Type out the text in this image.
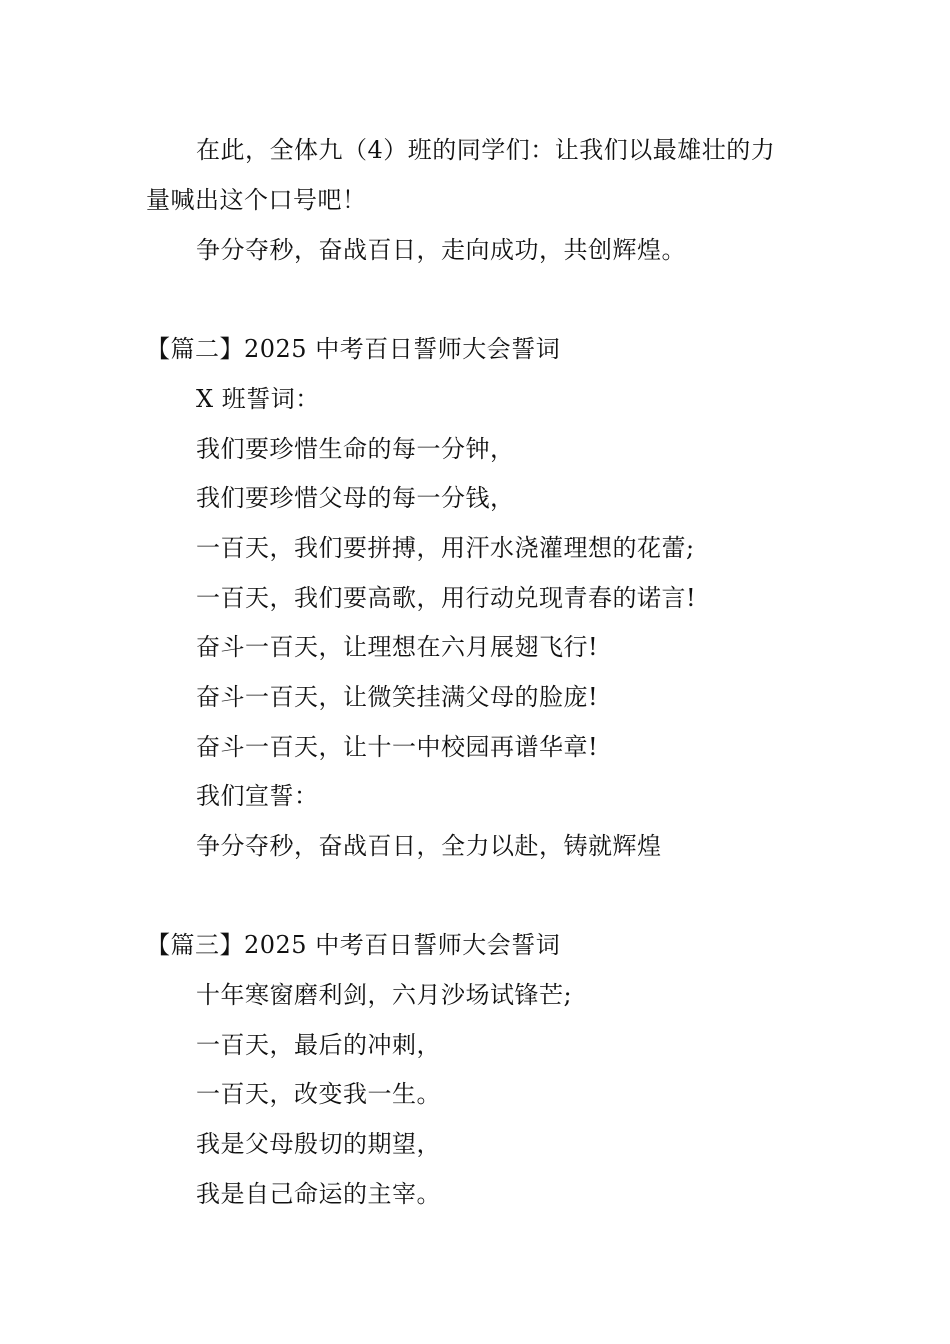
在此，全体九（4）班的同学们：让我们以最雄壮的力
量喊出这个口号吧！
争分夺秒，奋战百日，走向成功，共创辉煌。
【篇二】2025 中考百日誓师大会誓词
X 班誓词：
我们要珍惜生命的每一分钟，
我们要珍惜父母的每一分钱，
一百天，我们要拼搏，用汗水浇灌理想的花蕾;
一百天，我们要高歌，用行动兑现青春的诺言!
奋斗一百天，让理想在六月展翅飞行!
奋斗一百天，让微笑挂满父母的脸庞!
奋斗一百天，让十一中校园再谱华章!
我们宣誓：
争分夺秒，奋战百日，全力以赴，铸就辉煌
【篇三】2025 中考百日誓师大会誓词
十年寒窗磨利剑，六月沙场试锋芒;
一百天，最后的冲刺，
一百天，改变我一生。
我是父母殷切的期望，
我是自己命运的主宰。
